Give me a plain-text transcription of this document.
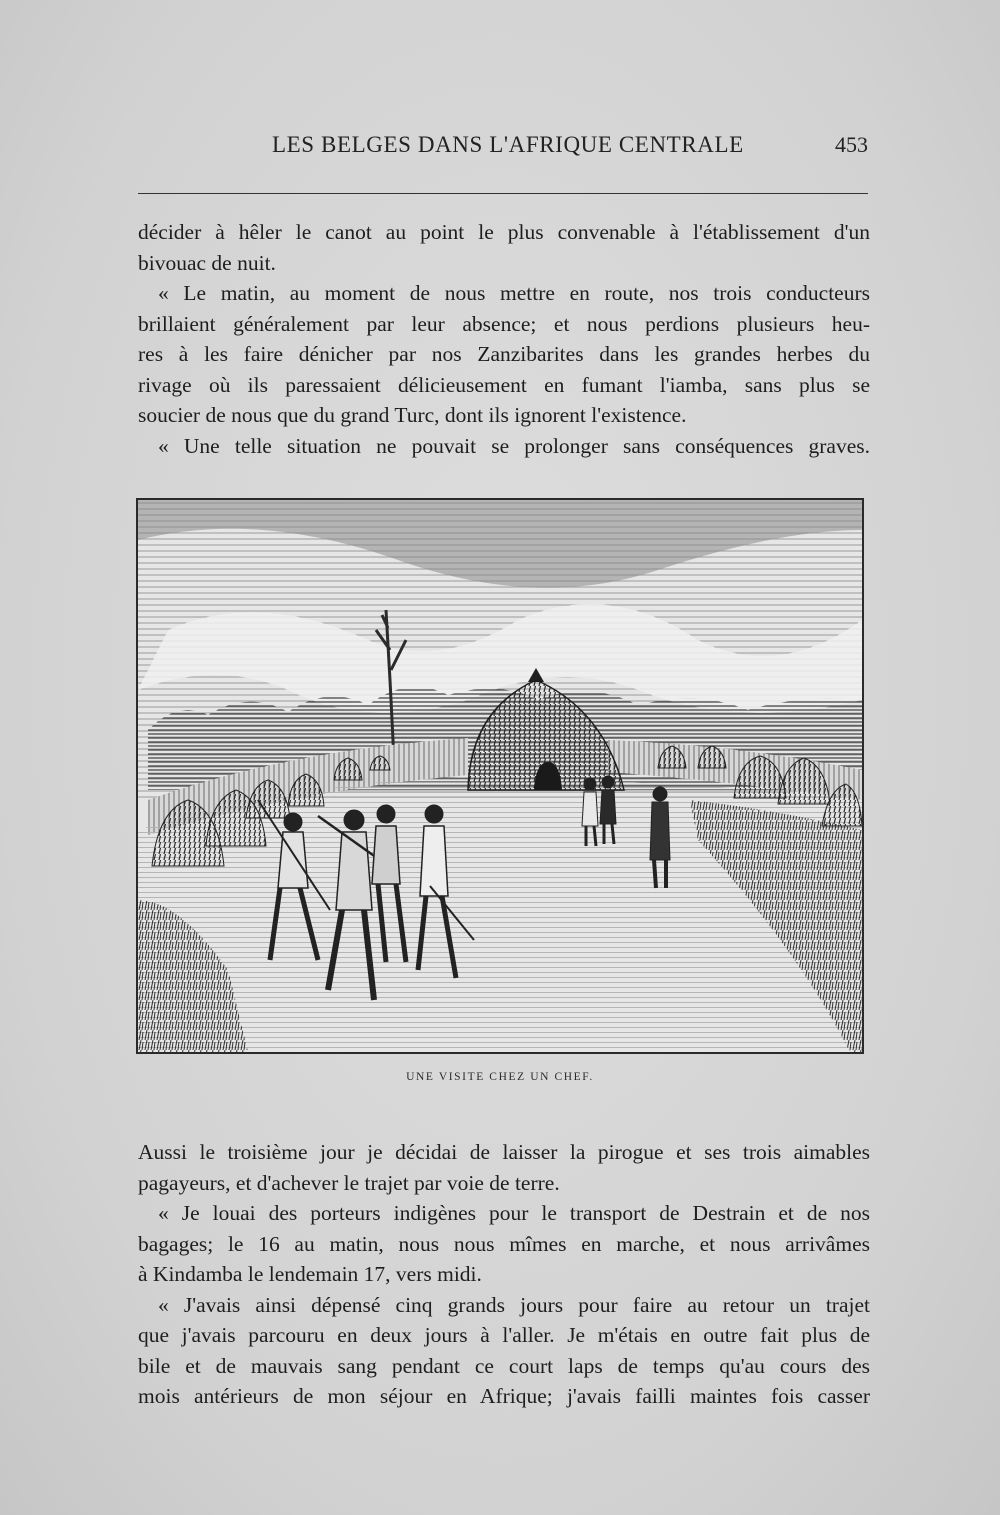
LES BELGES DANS L'AFRIQUE CENTRALE	453
décider à hêler le canot au point le plus convenable à l'établissement d'un
bivouac de nuit.
« Le matin, au moment de nous mettre en route, nos trois conducteurs
brillaient généralement par leur absence; et nous perdions plusieurs heu-
res à les faire dénicher par nos Zanzibarites dans les grandes herbes du
rivage où ils paressaient délicieusement en fumant l'iamba, sans plus se
soucier de nous que du grand Turc, dont ils ignorent l'existence.
« Une telle situation ne pouvait se prolonger sans conséquences graves.
UNE VISITE CHEZ UN CHEF.
Aussi le troisième jour je décidai de laisser la pirogue et ses trois aimables
pagayeurs, et d'achever le trajet par voie de terre.
« Je louai des porteurs indigènes pour le transport de Destrain et de nos
bagages; le 16 au matin, nous nous mîmes en marche, et nous arrivâmes
à Kindamba le lendemain 17, vers midi.
« J'avais ainsi dépensé cinq grands jours pour faire au retour un trajet
que j'avais parcouru en deux jours à l'aller. Je m'étais en outre fait plus de
bile et de mauvais sang pendant ce court laps de temps qu'au cours des
mois antérieurs de mon séjour en Afrique; j'avais failli maintes fois casser
